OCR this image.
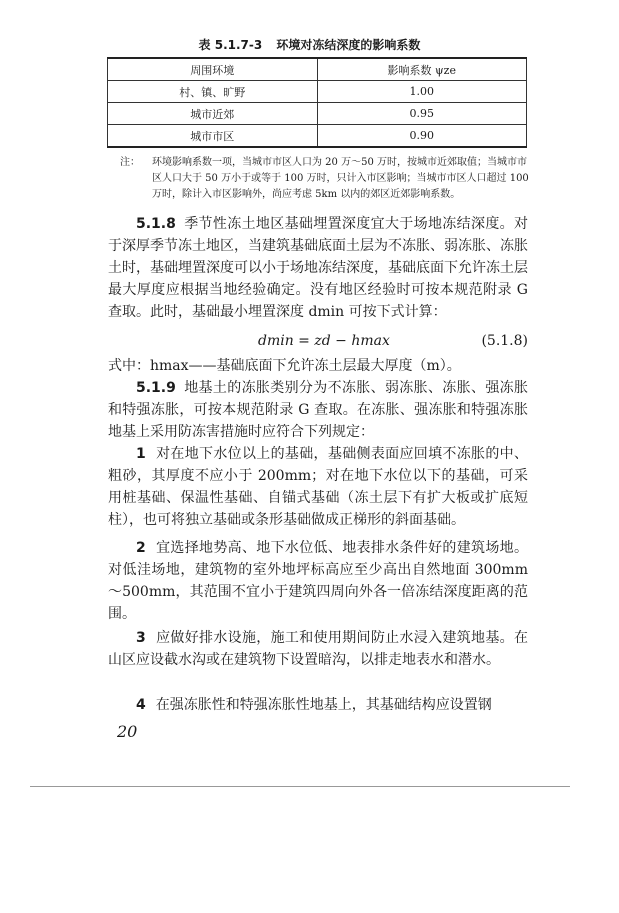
表 5.1.7-3 环境对冻结深度的影响系数
周围环境	影响系数 ψze
村、镇、旷野	1.00
城市近郊	0.95
城市市区	0.90
注： 环境影响系数一项，当城市市区人口为 20 万～50 万时，按城市近郊取值；当城市市区人口大于 50 万小于或等于 100 万时，只计入市区影响；当城市市区人口超过 100 万时，除计入市区影响外，尚应考虑 5km 以内的郊区近郊影响系数。
5.1.8 季节性冻土地区基础埋置深度宜大于场地冻结深度。对于深厚季节冻土地区，当建筑基础底面土层为不冻胀、弱冻胀、冻胀土时，基础埋置深度可以小于场地冻结深度，基础底面下允许冻土层最大厚度应根据当地经验确定。没有地区经验时可按本规范附录 G 查取。此时，基础最小埋置深度 dmin 可按下式计算：
dmin = zd − hmax	(5.1.8)
式中：hmax——基础底面下允许冻土层最大厚度（m）。
5.1.9 地基土的冻胀类别分为不冻胀、弱冻胀、冻胀、强冻胀和特强冻胀，可按本规范附录 G 查取。在冻胀、强冻胀和特强冻胀地基上采用防冻害措施时应符合下列规定：
1 对在地下水位以上的基础，基础侧表面应回填不冻胀的中、粗砂，其厚度不应小于 200mm；对在地下水位以下的基础，可采用桩基础、保温性基础、自锚式基础（冻土层下有扩大板或扩底短柱），也可将独立基础或条形基础做成正梯形的斜面基础。
2 宜选择地势高、地下水位低、地表排水条件好的建筑场地。对低洼场地，建筑物的室外地坪标高应至少高出自然地面 300mm～500mm，其范围不宜小于建筑四周向外各一倍冻结深度距离的范围。
3 应做好排水设施，施工和使用期间防止水浸入建筑地基。在山区应设截水沟或在建筑物下设置暗沟，以排走地表水和潜水。
4 在强冻胀性和特强冻胀性地基上，其基础结构应设置钢
20
